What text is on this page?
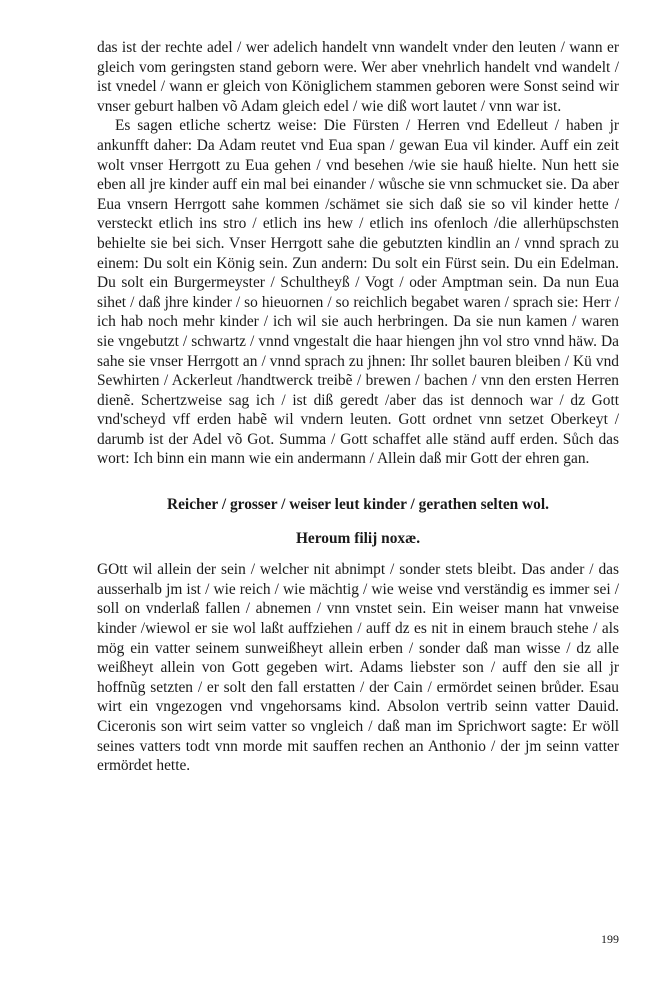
das ist der rechte adel / wer adelich handelt vnn wandelt vnder den leuten / wann er gleich vom geringsten stand geborn were. Wer aber vnehrlich handelt vnd wandelt / ist vnedel / wann er gleich von Königlichem stammen geboren were Sonst seind wir vnser geburt halben võ Adam gleich edel / wie diß wort lautet / vnn war ist.

Es sagen etliche schertz weise: Die Fürsten / Herren vnd Edelleut / haben jr ankunfft daher: Da Adam reutet vnd Eua span / gewan Eua vil kinder. Auff ein zeit wolt vnser Herrgott zu Eua gehen / vnd besehen /wie sie hauß hielte. Nun hett sie eben all jre kinder auff ein mal bei einander / wůsche sie vnn schmucket sie. Da aber Eua vnsern Herrgott sahe kommen /schämet sie sich daß sie so vil kinder hette / versteckt etlich ins stro / etlich ins hew / etlich ins ofenloch /die allerhüpschsten behielte sie bei sich. Vnser Herrgott sahe die gebutzten kindlin an / vnnd sprach zu einem: Du solt ein König sein. Zun andern: Du solt ein Fürst sein. Du ein Edelman. Du solt ein Burgermeyster / Schultheyß / Vogt / oder Amptman sein. Da nun Eua sihet / daß jhre kinder / so hieuornen / so reichlich begabet waren / sprach sie: Herr / ich hab noch mehr kinder / ich wil sie auch herbringen. Da sie nun kamen / waren sie vngebutzt / schwartz / vnnd vngestalt die haar hiengen jhn vol stro vnnd häw. Da sahe sie vnser Herrgott an / vnnd sprach zu jhnen: Ihr sollet bauren bleiben / Kü vnd Sewhirten / Ackerleut /handtwerck treibẽ / brewen / bachen / vnn den ersten Herren dienẽ. Schertzweise sag ich / ist diß geredt /aber das ist dennoch war / dz Gott vnd'scheyd vff erden habẽ wil vndern leuten. Gott ordnet vnn setzet Oberkeyt / darumb ist der Adel võ Got. Summa / Gott schaffet alle ständ auff erden. Sůch das wort: Ich binn ein mann wie ein andermann / Allein daß mir Gott der ehren gan.

Reicher / grosser / weiser leut kinder / gerathen selten wol.
Heroum filij noxæ.

GOtt wil allein der sein / welcher nit abnimpt / sonder stets bleibt. Das ander / das ausserhalb jm ist / wie reich / wie mächtig / wie weise vnd verständig es immer sei / soll on vnderlaß fallen / abnemen / vnn vnstet sein. Ein weiser mann hat vnweise kinder /wiewol er sie wol laßt auffziehen / auff dz es nit in einem brauch stehe / als mög ein vatter seinem sunweißheyt allein erben / sonder daß man wisse / dz alle weißheyt allein von Gott gegeben wirt. Adams liebster son / auff den sie all jr hoffnũg setzten / er solt den fall erstatten / der Cain / ermördet seinen brůder. Esau wirt ein vngezogen vnd vngehorsams kind. Absolon vertrib seinn vatter Dauid. Ciceronis son wirt seim vatter so vngleich / daß man im Sprichwort sagte: Er wöll seines vatters todt vnn morde mit sauffen rechen an Anthonio / der jm seinn vatter ermördet hette.

199
